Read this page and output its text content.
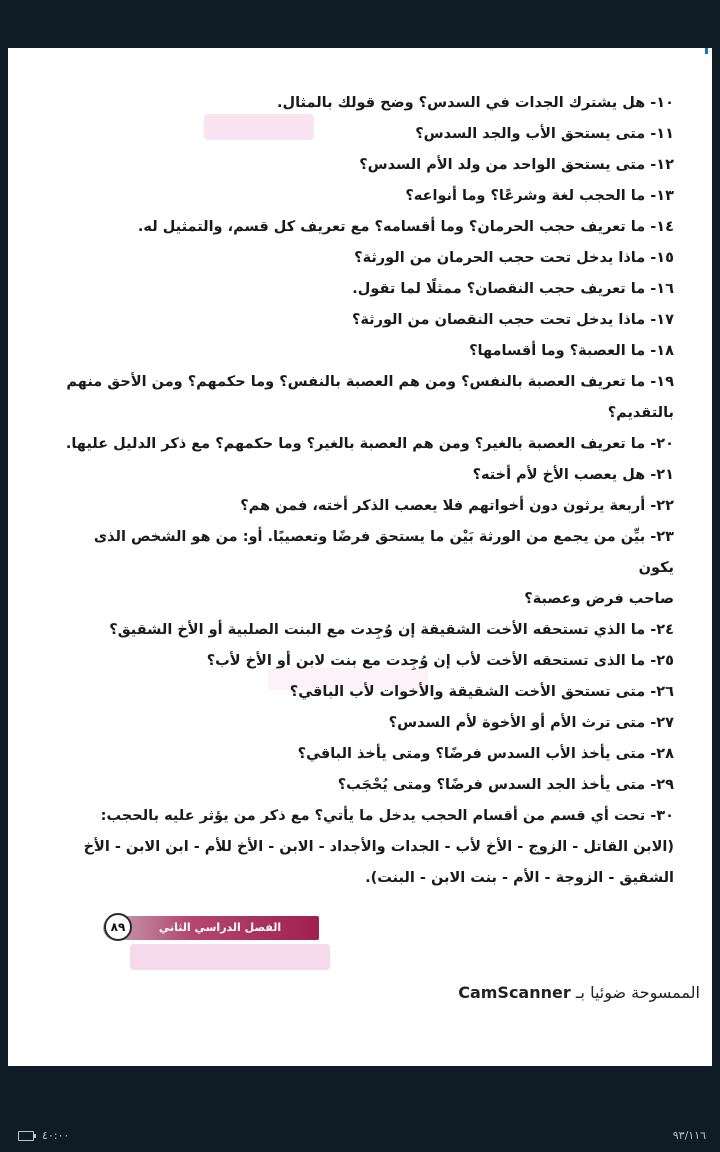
١٠- هل يشترك الجدات في السدس؟ وضح قولك بالمثال.
١١- متى يستحق الأب والجد السدس؟
١٢- متى يستحق الواحد من ولد الأم السدس؟
١٣- ما الحجب لغة وشرعًا؟ وما أنواعه؟
١٤- ما تعريف حجب الحرمان؟ وما أقسامه؟ مع تعريف كل قسم، والتمثيل له.
١٥- ماذا يدخل تحت حجب الحرمان من الورثة؟
١٦- ما تعريف حجب النقصان؟ ممثلًا لما تقول.
١٧- ماذا يدخل تحت حجب النقصان من الورثة؟
١٨- ما العصبة؟ وما أقسامها؟
١٩- ما تعريف العصبة بالنفس؟ ومن هم العصبة بالنفس؟ وما حكمهم؟ ومن الأحق منهم
بالتقديم؟
٢٠- ما تعريف العصبة بالغير؟ ومن هم العصبة بالغير؟ وما حكمهم؟ مع ذكر الدليل عليها.
٢١- هل يعصب الأخ لأم أخته؟
٢٢- أربعة يرثون دون أخواتهم فلا يعصب الذكر أخته، فمن هم؟
٢٣- بيِّن من يجمع من الورثة بَيْن ما يستحق فرضًا وتعصيبًا. أو: من هو الشخص الذى يكون
صاحب فرض وعصبة؟
٢٤- ما الذي تستحقه الأخت الشقيقة إن وُجِدت مع البنت الصلبية أو الأخ الشقيق؟
٢٥- ما الذى تستحقه الأخت لأب إن وُجِدت مع بنت لابن أو الأخ لأب؟
٢٦- متى تستحق الأخت الشقيقة والأخوات لأب الباقي؟
٢٧- متى ترث الأم أو الأخوة لأم السدس؟
٢٨- متى يأخذ الأب السدس فرضًا؟ ومتى يأخذ الباقي؟
٢٩- متى يأخذ الجد السدس فرضًا؟ ومتى يُحْجَب؟
٣٠- تحت أي قسم من أقسام الحجب يدخل ما يأتي؟ مع ذكر من يؤثر عليه بالحجب:
(الابن القاتل - الزوج - الأخ لأب - الجدات والأجداد - الابن - الأخ للأم - ابن الابن - الأخ
الشقيق - الزوجة - الأم - بنت الابن - البنت).
الفصل الدراسي الثاني
٨٩
الممسوحة ضوئيا بـ CamScanner
٤٠:٠٠	٩٣/١١٦
